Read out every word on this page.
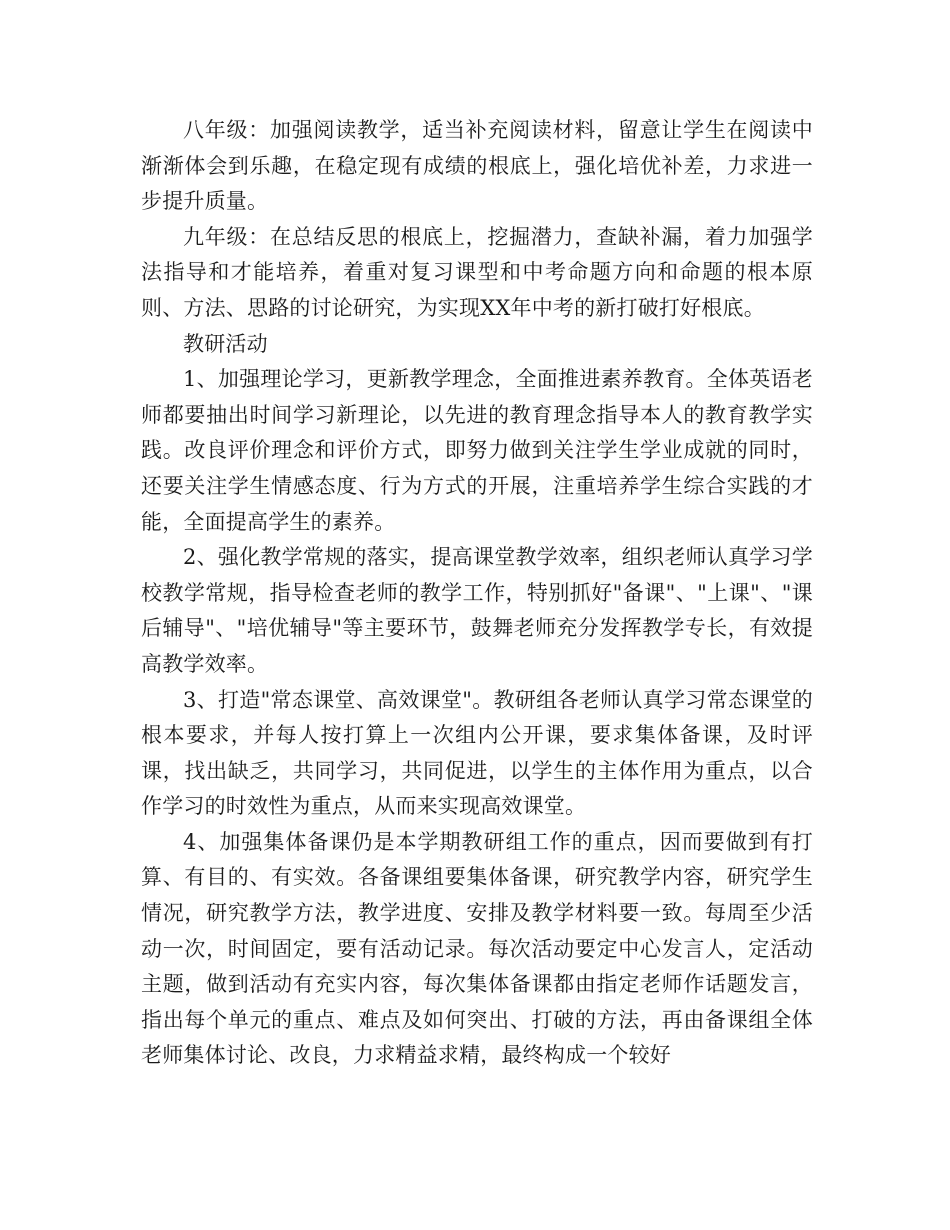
八年级：加强阅读教学，适当补充阅读材料，留意让学生在阅读中渐渐体会到乐趣，在稳定现有成绩的根底上，强化培优补差，力求进一步提升质量。

九年级：在总结反思的根底上，挖掘潜力，查缺补漏，着力加强学法指导和才能培养，着重对复习课型和中考命题方向和命题的根本原则、方法、思路的讨论研究，为实现XX年中考的新打破打好根底。

教研活动

1、加强理论学习，更新教学理念，全面推进素养教育。全体英语老师都要抽出时间学习新理论，以先进的教育理念指导本人的教育教学实践。改良评价理念和评价方式，即努力做到关注学生学业成就的同时，还要关注学生情感态度、行为方式的开展，注重培养学生综合实践的才能，全面提高学生的素养。

2、强化教学常规的落实，提高课堂教学效率，组织老师认真学习学校教学常规，指导检查老师的教学工作，特别抓好"备课"、"上课"、"课后辅导"、"培优辅导"等主要环节，鼓舞老师充分发挥教学专长，有效提高教学效率。

3、打造"常态课堂、高效课堂"。教研组各老师认真学习常态课堂的根本要求，并每人按打算上一次组内公开课，要求集体备课，及时评课，找出缺乏，共同学习，共同促进，以学生的主体作用为重点，以合作学习的时效性为重点，从而来实现高效课堂。

4、加强集体备课仍是本学期教研组工作的重点，因而要做到有打算、有目的、有实效。各备课组要集体备课，研究教学内容，研究学生情况，研究教学方法，教学进度、安排及教学材料要一致。每周至少活动一次，时间固定，要有活动记录。每次活动要定中心发言人，定活动主题，做到活动有充实内容，每次集体备课都由指定老师作话题发言，指出每个单元的重点、难点及如何突出、打破的方法，再由备课组全体老师集体讨论、改良，力求精益求精，最终构成一个较好
